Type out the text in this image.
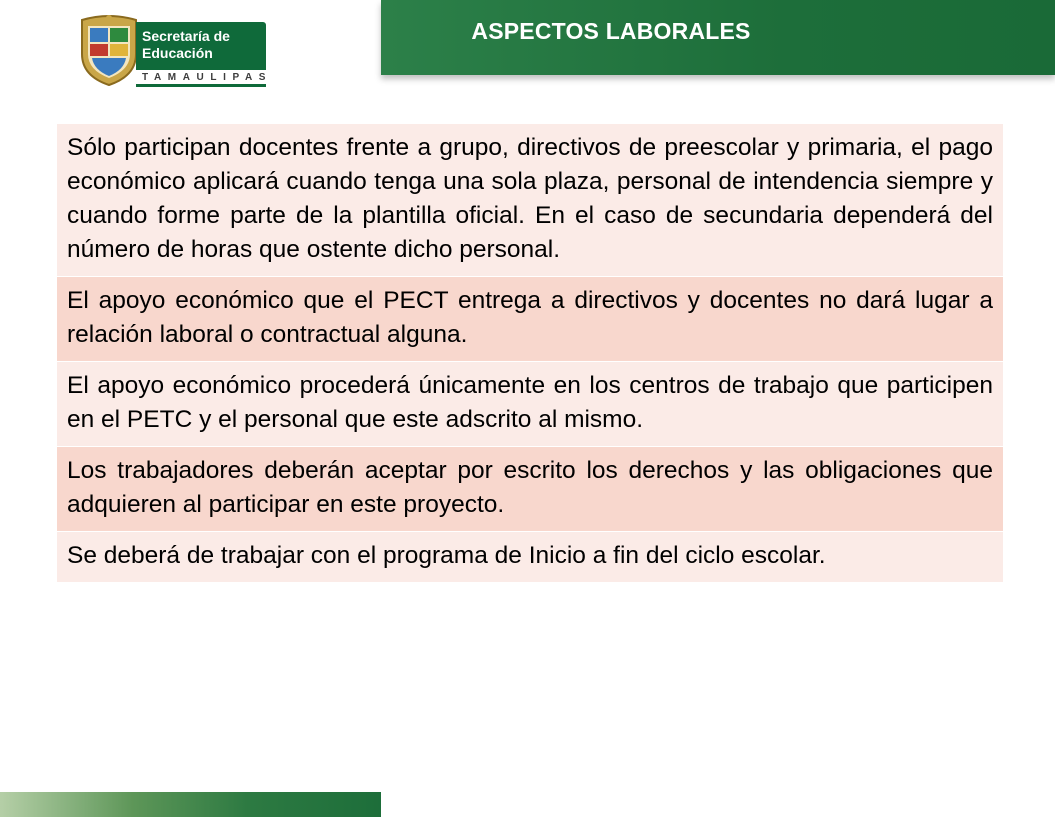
Secretaría de
Educación
TAMAULIPAS
ASPECTOS LABORALES
Sólo participan docentes frente a grupo, directivos de preescolar y primaria, el pago económico aplicará cuando tenga una sola plaza, personal de intendencia siempre y cuando forme parte de la plantilla oficial. En el caso de secundaria dependerá del número de horas que ostente dicho personal.
El apoyo económico que el PECT entrega a directivos y docentes no dará lugar a relación laboral o contractual alguna.
El apoyo económico procederá únicamente en los centros de trabajo que participen en el PETC y el personal que este adscrito al mismo.
Los trabajadores deberán aceptar por escrito los derechos y las obligaciones que adquieren al participar en este proyecto.
Se deberá de trabajar con el programa de Inicio a fin del ciclo escolar.
